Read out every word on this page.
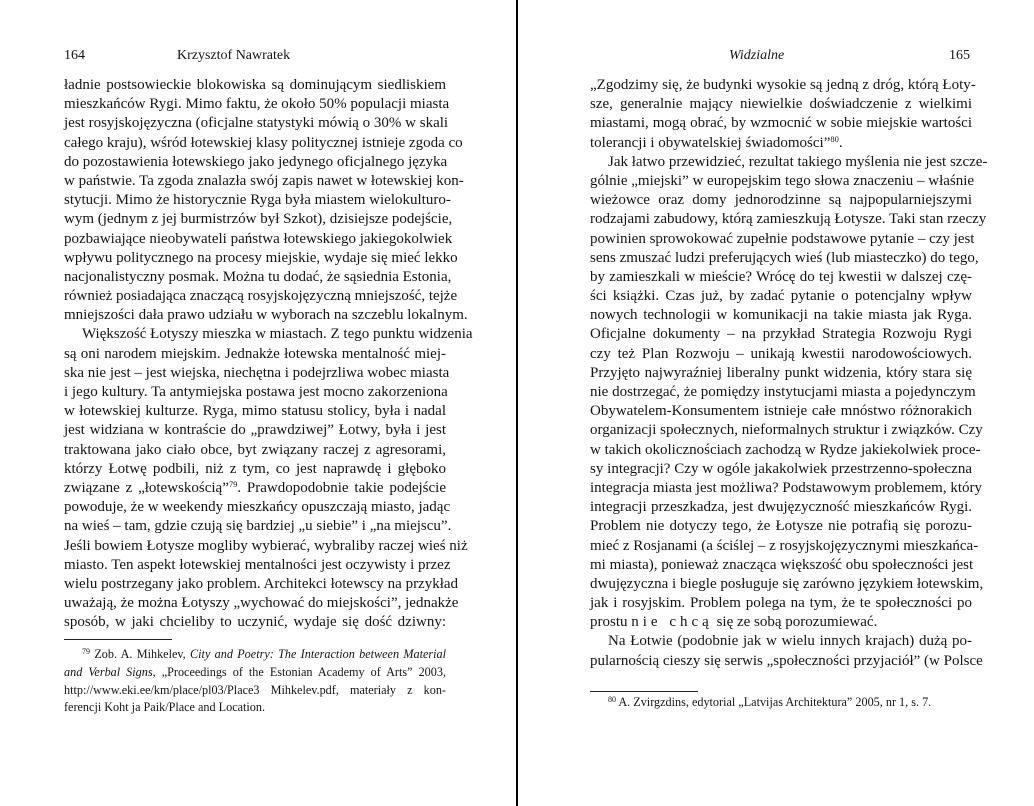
164	Krzysztof Nawratek
ładnie postsowieckie blokowiska są dominującym siedliskiem
mieszkańców Rygi. Mimo faktu, że około 50% populacji miasta
jest rosyjskojęzyczna (oficjalne statystyki mówią o 30% w skali
całego kraju), wśród łotewskiej klasy politycznej istnieje zgoda co
do pozostawienia łotewskiego jako jedynego oficjalnego języka
w państwie. Ta zgoda znalazła swój zapis nawet w łotewskiej kon-
stytucji. Mimo że historycznie Ryga była miastem wielokulturo-
wym (jednym z jej burmistrzów był Szkot), dzisiejsze podejście,
pozbawiające nieobywateli państwa łotewskiego jakiegokolwiek
wpływu politycznego na procesy miejskie, wydaje się mieć lekko
nacjonalistyczny posmak. Można tu dodać, że sąsiednia Estonia,
również posiadająca znaczącą rosyjskojęzyczną mniejszość, tejże
mniejszości dała prawo udziału w wyborach na szczeblu lokalnym.
Większość Łotyszy mieszka w miastach. Z tego punktu widzenia
są oni narodem miejskim. Jednakże łotewska mentalność miej-
ska nie jest – jest wiejska, niechętna i podejrzliwa wobec miasta
i jego kultury. Ta antymiejska postawa jest mocno zakorzeniona
w łotewskiej kulturze. Ryga, mimo statusu stolicy, była i nadal
jest widziana w kontraście do „prawdziwej” Łotwy, była i jest
traktowana jako ciało obce, byt związany raczej z agresorami,
którzy Łotwę podbili, niż z tym, co jest naprawdę i głęboko
związane z „łotewskością”$^{79}$. Prawdopodobnie takie podejście
powoduje, że w weekendy mieszkańcy opuszczają miasto, jadąc
na wieś – tam, gdzie czują się bardziej „u siebie” i „na miejscu”.
Jeśli bowiem Łotysze mogliby wybierać, wybraliby raczej wieś niż
miasto. Ten aspekt łotewskiej mentalności jest oczywisty i przez
wielu postrzegany jako problem. Architekci łotewscy na przykład
uważają, że można Łotyszy „wychować do miejskości”, jednakże
sposób, w jaki chcieliby to uczynić, wydaje się dość dziwny:
$^{79}$ Zob. A. Mihkelev, City and Poetry: The Interaction between Material
and Verbal Signs, „Proceedings of the Estonian Academy of Arts” 2003,
http://www.eki.ee/km/place/pl03/Place3 Mihkelev.pdf, materiały z kon-
ferencji Koht ja Paik/Place and Location.
Widzialne	165
„Zgodzimy się, że budynki wysokie są jedną z dróg, którą Łoty-
sze, generalnie mający niewielkie doświadczenie z wielkimi
miastami, mogą obrać, by wzmocnić w sobie miejskie wartości
tolerancji i obywatelskiej świadomości”$^{80}$.
Jak łatwo przewidzieć, rezultat takiego myślenia nie jest szcze-
gólnie „miejski” w europejskim tego słowa znaczeniu – właśnie
wieżowce oraz domy jednorodzinne są najpopularniejszymi
rodzajami zabudowy, którą zamieszkują Łotysze. Taki stan rzeczy
powinien sprowokować zupełnie podstawowe pytanie – czy jest
sens zmuszać ludzi preferujących wieś (lub miasteczko) do tego,
by zamieszkali w mieście? Wrócę do tej kwestii w dalszej czę-
ści książki. Czas już, by zadać pytanie o potencjalny wpływ
nowych technologii w komunikacji na takie miasta jak Ryga.
Oficjalne dokumenty – na przykład Strategia Rozwoju Rygi
czy też Plan Rozwoju – unikają kwestii narodowościowych.
Przyjęto najwyraźniej liberalny punkt widzenia, który stara się
nie dostrzegać, że pomiędzy instytucjami miasta a pojedynczym
Obywatelem-Konsumentem istnieje całe mnóstwo różnorakich
organizacji społecznych, nieformalnych struktur i związków. Czy
w takich okolicznościach zachodzą w Rydze jakiekolwiek proce-
sy integracji? Czy w ogóle jakakolwiek przestrzenno-społeczna
integracja miasta jest możliwa? Podstawowym problemem, który
integracji przeszkadza, jest dwujęzyczność mieszkańców Rygi.
Problem nie dotyczy tego, że Łotysze nie potrafią się porozu-
mieć z Rosjanami (a ściślej – z rosyjskojęzycznymi mieszkańca-
mi miasta), ponieważ znacząca większość obu społeczności jest
dwujęzyczna i biegle posługuje się zarówno językiem łotewskim,
jak i rosyjskim. Problem polega na tym, że te społeczności po
prostu nie chcą się ze sobą porozumiewać.
Na Łotwie (podobnie jak w wielu innych krajach) dużą po-
pularnością cieszy się serwis „społeczności przyjaciół” (w Polsce
$^{80}$ A. Zvirgzdins, edytorial „Latvijas Architektura” 2005, nr 1, s. 7.
